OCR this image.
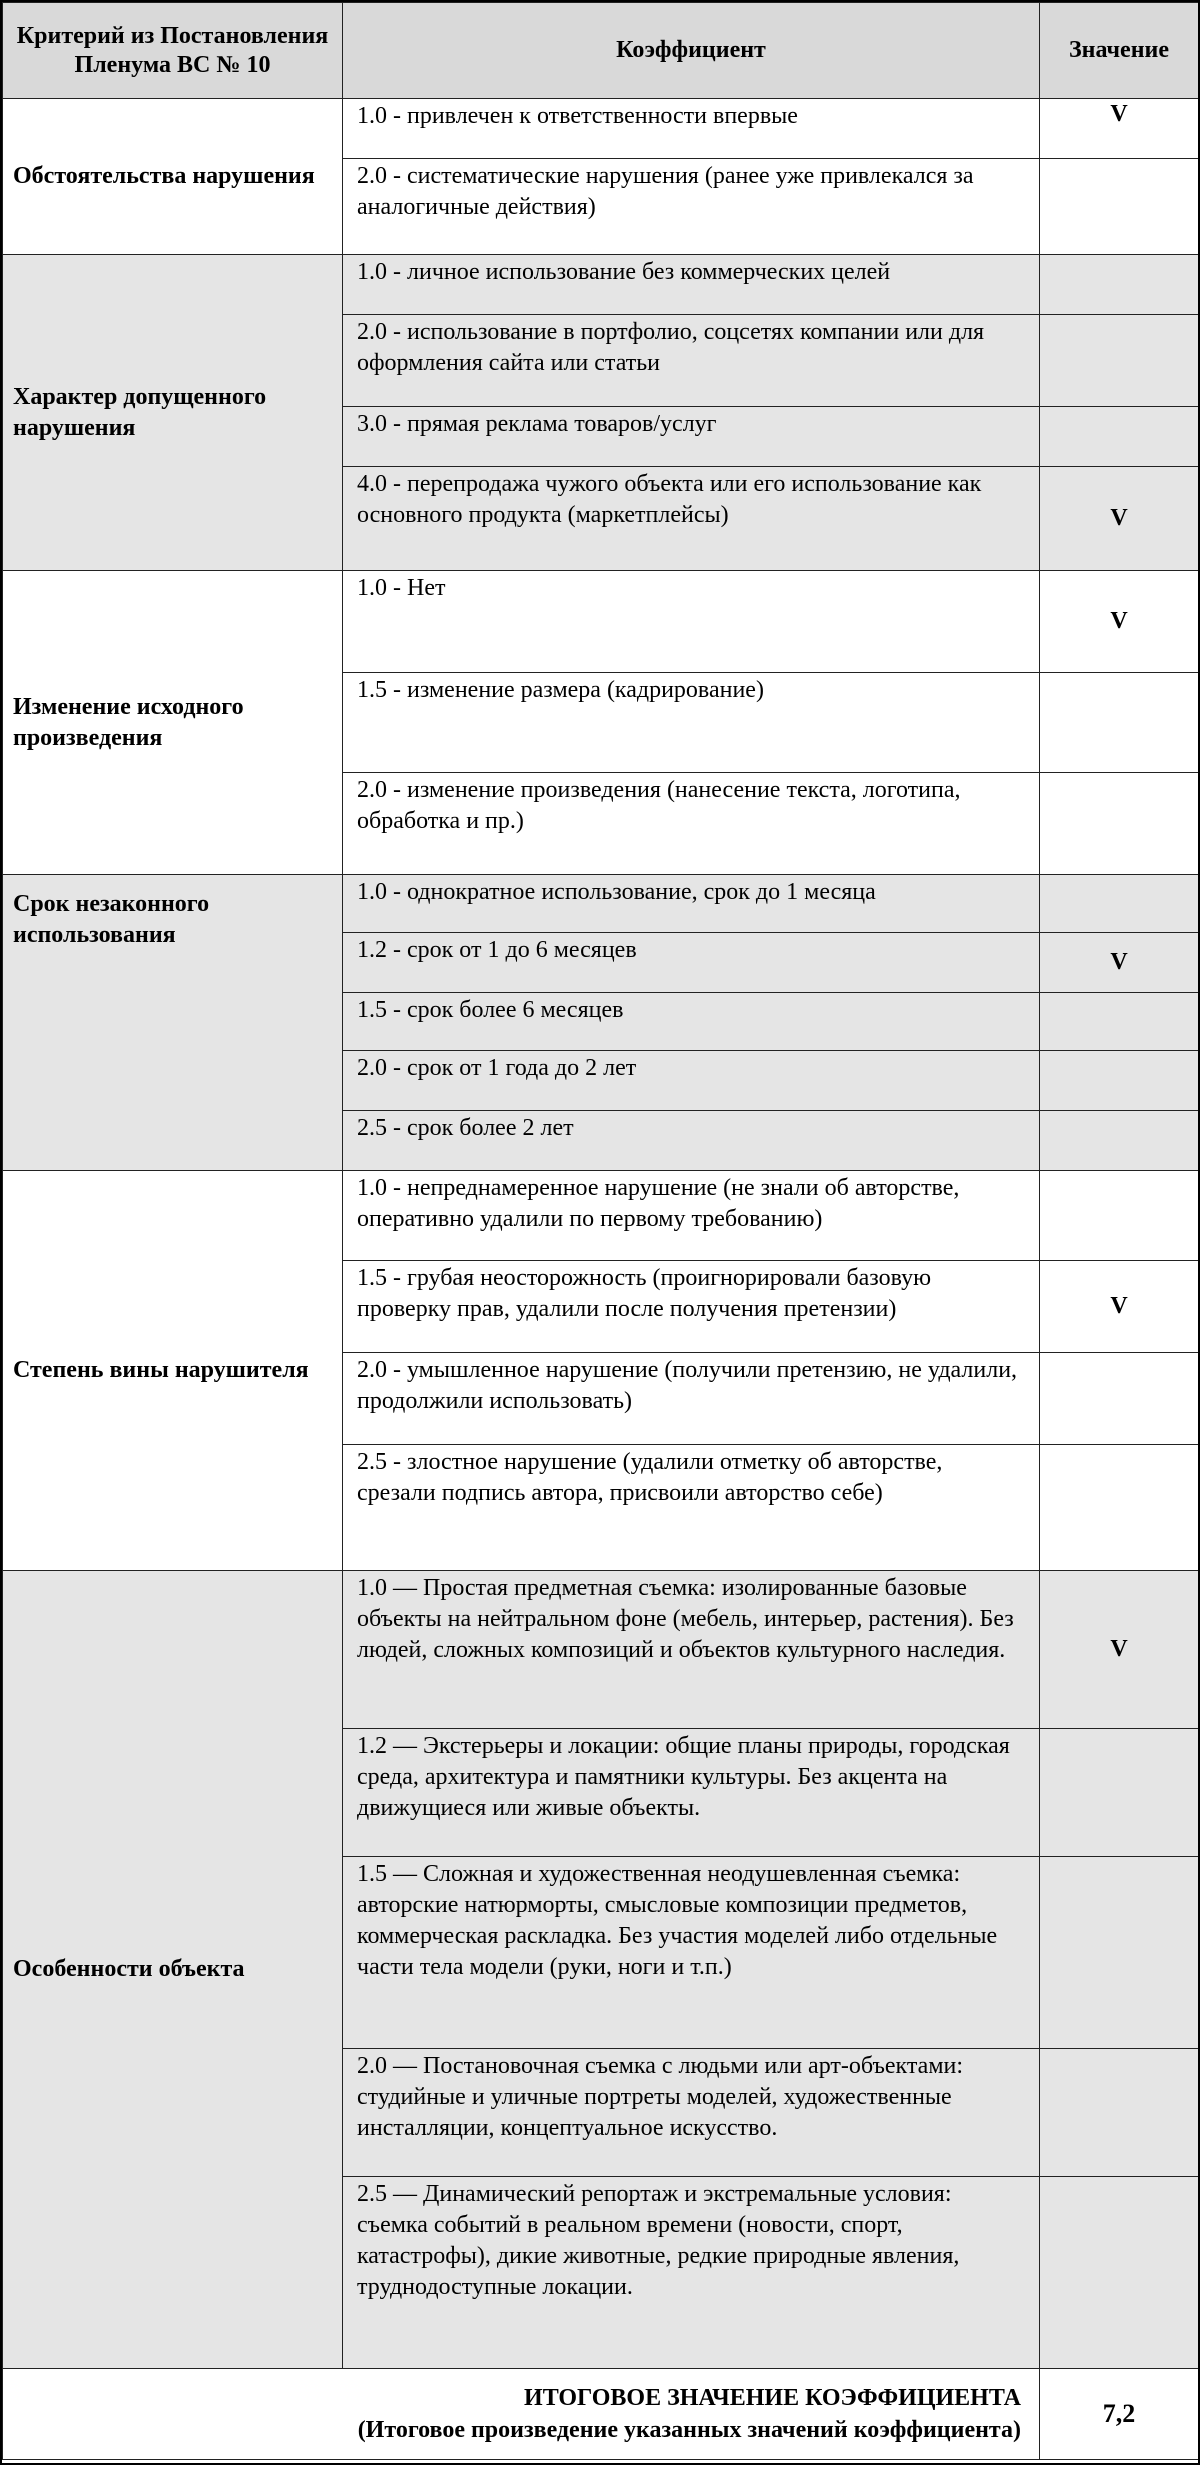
Критерий из Постановления Пленума ВС № 10	Коэффициент	Значение
Обстоятельства нарушения	1.0 - привлечен к ответственности впервые	V
	2.0 - систематические нарушения (ранее уже привлекался за аналогичные действия)	
Характер допущенного нарушения	1.0 - личное использование без коммерческих целей	
	2.0 - использование в портфолио, соцсетях компании или для оформления сайта или статьи	
	3.0 - прямая реклама товаров/услуг	
	4.0 - перепродажа чужого объекта или его использование как основного продукта (маркетплейсы)	V
Изменение исходного произведения	1.0 - Нет	V
	1.5 - изменение размера (кадрирование)	
	2.0 - изменение произведения (нанесение текста, логотипа, обработка и пр.)	
Срок незаконного использования	1.0 - однократное использование, срок до 1 месяца	
	1.2 - срок от 1 до 6 месяцев	V
	1.5 - срок более 6 месяцев	
	2.0 - срок от 1 года до 2 лет	
	2.5 - срок более 2 лет	
Степень вины нарушителя	1.0 - непреднамеренное нарушение (не знали об авторстве, оперативно удалили по первому требованию)	
	1.5 - грубая неосторожность (проигнорировали базовую проверку прав, удалили после получения претензии)	V
	2.0 - умышленное нарушение (получили претензию, не удалили, продолжили использовать)	
	2.5 - злостное нарушение (удалили отметку об авторстве, срезали подпись автора, присвоили авторство себе)	
Особенности объекта	1.0 — Простая предметная съемка: изолированные базовые объекты на нейтральном фоне (мебель, интерьер, растения). Без людей, сложных композиций и объектов культурного наследия.	V
	1.2 — Экстерьеры и локации: общие планы природы, городская среда, архитектура и памятники культуры. Без акцента на движущиеся или живые объекты.	
	1.5 — Сложная и художественная неодушевленная съемка: авторские натюрморты, смысловые композиции предметов, коммерческая раскладка. Без участия моделей либо отдельные части тела модели (руки, ноги и т.п.)	
	2.0 — Постановочная съемка с людьми или арт-объектами: студийные и уличные портреты моделей, художественные инсталляции, концептуальное искусство.	
	2.5 — Динамический репортаж и экстремальные условия: съемка событий в реальном времени (новости, спорт, катастрофы), дикие животные, редкие природные явления, труднодоступные локации.	

ИТОГОВОЕ ЗНАЧЕНИЕ КОЭФФИЦИЕНТА
(Итоговое произведение указанных значений коэффициента)		7,2
